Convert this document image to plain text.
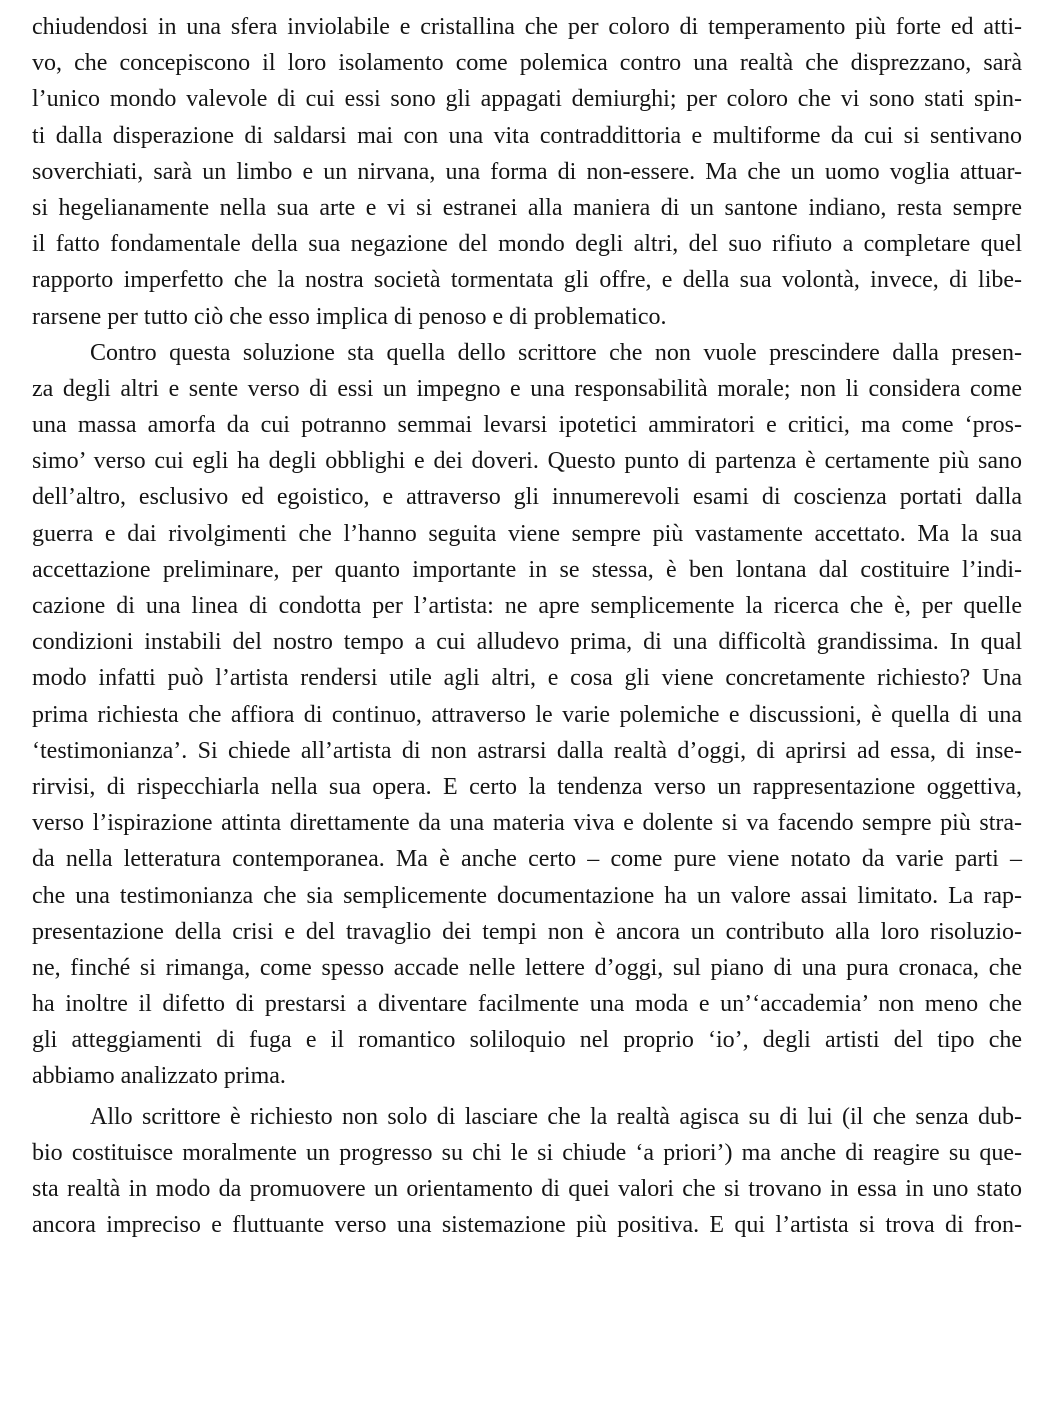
chiudendosi in una sfera inviolabile e cristallina che per coloro di temperamento più forte ed atti-
vo, che concepiscono il loro isolamento come polemica contro una realtà che disprezzano, sarà
l’unico mondo valevole di cui essi sono gli appagati demiurghi; per coloro che vi sono stati spin-
ti dalla disperazione di saldarsi mai con una vita contraddittoria e multiforme da cui si sentivano
soverchiati, sarà un limbo e un nirvana, una forma di non-essere. Ma che un uomo voglia attuar-
si hegelianamente nella sua arte e vi si estranei alla maniera di un santone indiano, resta sempre
il fatto fondamentale della sua negazione del mondo degli altri, del suo rifiuto a completare quel
rapporto imperfetto che la nostra società tormentata gli offre, e della sua volontà, invece, di libe-
rarsene per tutto ciò che esso implica di penoso e di problematico.
Contro questa soluzione sta quella dello scrittore che non vuole prescindere dalla presen-
za degli altri e sente verso di essi un impegno e una responsabilità morale; non li considera come
una massa amorfa da cui potranno semmai levarsi ipotetici ammiratori e critici, ma come ‘pros-
simo’ verso cui egli ha degli obblighi e dei doveri. Questo punto di partenza è certamente più sano
dell’altro, esclusivo ed egoistico, e attraverso gli innumerevoli esami di coscienza portati dalla
guerra e dai rivolgimenti che l’hanno seguita viene sempre più vastamente accettato. Ma la sua
accettazione preliminare, per quanto importante in se stessa, è ben lontana dal costituire l’indi-
cazione di una linea di condotta per l’artista: ne apre semplicemente la ricerca che è, per quelle
condizioni instabili del nostro tempo a cui alludevo prima, di una difficoltà grandissima. In qual
modo infatti può l’artista rendersi utile agli altri, e cosa gli viene concretamente richiesto? Una
prima richiesta che affiora di continuo, attraverso le varie polemiche e discussioni, è quella di una
‘testimonianza’. Si chiede all’artista di non astrarsi dalla realtà d’oggi, di aprirsi ad essa, di inse-
rirvisi, di rispecchiarla nella sua opera. E certo la tendenza verso un rappresentazione oggettiva,
verso l’ispirazione attinta direttamente da una materia viva e dolente si va facendo sempre più stra-
da nella letteratura contemporanea. Ma è anche certo – come pure viene notato da varie parti –
che una testimonianza che sia semplicemente documentazione ha un valore assai limitato. La rap-
presentazione della crisi e del travaglio dei tempi non è ancora un contributo alla loro risoluzio-
ne, finché si rimanga, come spesso accade nelle lettere d’oggi, sul piano di una pura cronaca, che
ha inoltre il difetto di prestarsi a diventare facilmente una moda e un’‘accademia’ non meno che
gli atteggiamenti di fuga e il romantico soliloquio nel proprio ‘io’, degli artisti del tipo che
abbiamo analizzato prima.
Allo scrittore è richiesto non solo di lasciare che la realtà agisca su di lui (il che senza dub-
bio costituisce moralmente un progresso su chi le si chiude ‘a priori’) ma anche di reagire su que-
sta realtà in modo da promuovere un orientamento di quei valori che si trovano in essa in uno stato
ancora impreciso e fluttuante verso una sistemazione più positiva. E qui l’artista si trova di fron-
